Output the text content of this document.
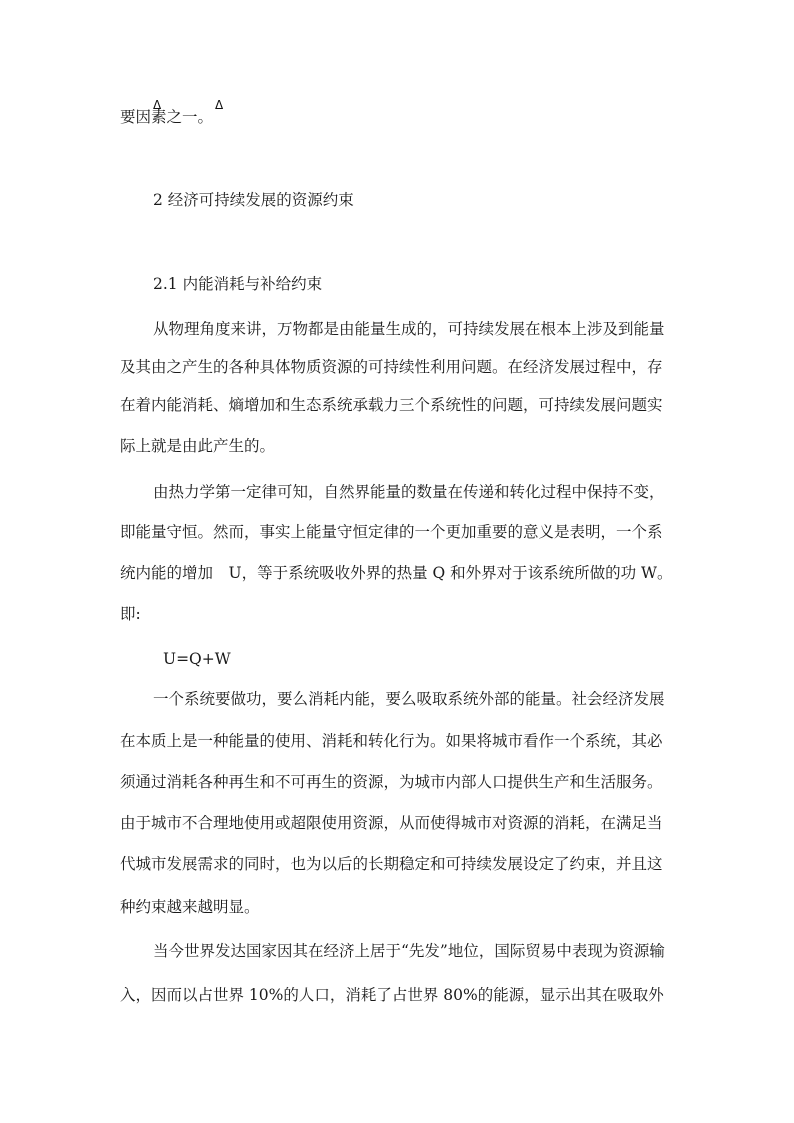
要因素之一。
Δ	Δ
2 经济可持续发展的资源约束
2.1 内能消耗与补给约束
从物理角度来讲，万物都是由能量生成的，可持续发展在根本上涉及到能量
及其由之产生的各种具体物质资源的可持续性利用问题。在经济发展过程中，存
在着内能消耗、熵增加和生态系统承载力三个系统性的问题，可持续发展问题实
际上就是由此产生的。
由热力学第一定律可知，自然界能量的数量在传递和转化过程中保持不变，
即能量守恒。然而，事实上能量守恒定律的一个更加重要的意义是表明，一个系
统内能的增加　U，等于系统吸收外界的热量 Q 和外界对于该系统所做的功 W。
即:
U=Q+W
一个系统要做功，要么消耗内能，要么吸取系统外部的能量。社会经济发展
在本质上是一种能量的使用、消耗和转化行为。如果将城市看作一个系统，其必
须通过消耗各种再生和不可再生的资源，为城市内部人口提供生产和生活服务。
由于城市不合理地使用或超限使用资源，从而使得城市对资源的消耗，在满足当
代城市发展需求的同时，也为以后的长期稳定和可持续发展设定了约束，并且这
种约束越来越明显。
当今世界发达国家因其在经济上居于“先发”地位，国际贸易中表现为资源输
入，因而以占世界 10%的人口，消耗了占世界 80%的能源，显示出其在吸取外
